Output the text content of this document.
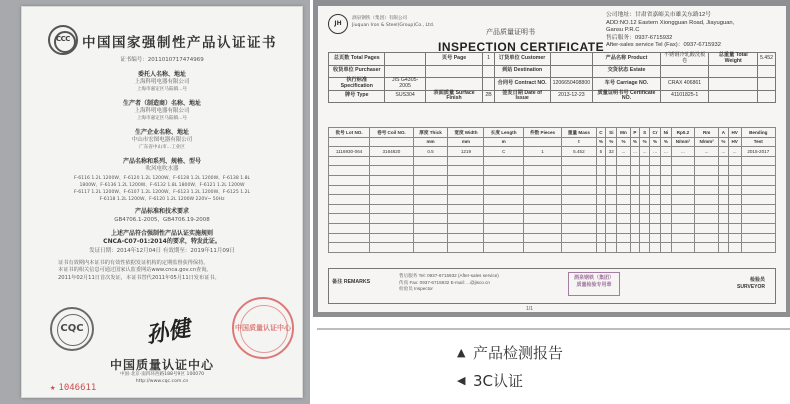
CCC 中国国家强制性产品认证证书
证书编号：2011010717474969
委托人名称、地址
上海科明电器有限公司
上海市嘉定区马陆镇...号
生产者（制造商）名称、地址
上海科明电器有限公司
上海市嘉定区马陆镇...号
生产企业名称、地址
中山市宏图电器有限公司
广东省中山市...工业区
产品名称和系列、规格、型号
吹风电吹水器
F-6116 1.2L 1200W、F-6120 1.2L 1200W、F-6128 1.2L 1200W、F-6138 1.8L
1800W、F-6136 1.2L 1200W、F-6132 1.8L 1800W、F-6121 1.2L 1200W
F-6117 1.2L 1200W、F-6107 1.2L 1200W、F-6123 1.2L 1200W、F-6125 1.2L
F-6118 1.2L 1200W、F-6120 1.2L 1200W 220V~ 50Hz
产品标准和技术要求
GB4706.1-2005，GB4706.19-2008
上述产品符合强制性产品认证实施规则
CNCA-C07-01:2014的要求，特发此证。
发证日期：2014年12月04日 有效期至：2019年11月09日
证书有效期内本证书的有效性依据发证机构的定期监督获得保持。
本证书的相关信息可通过国家认监委网站www.cnca.gov.cn查询。
2011年02月11日首次发证，本证书替代2011年05月11日发布证书。
CQC	孙健	中国质量认证中心
中国质量认证中心
中国·北京·南四环西路188号9区 100070
http://www.cqc.com.cn
★ 1046611
JH
酒泉钢铁（集团）有限公司
Jiuquan Iron & Steel(Group)Co., Ltd.
产品质量证明书
INSPECTION CERTIFICATE
公司地址：甘肃省嘉峪关市雄关东路12号
ADD:NO.12 Eastern Xiongguan Road, Jiayuguan,
Gansu P.R.C
售后服务：0937-6715932
After-sales service Tel (Fax)：0937-6715932
总页数 Total Pages		页号 Page	1	订货单位 Customer		产品名称 Product	不锈钢冷轧酸洗板卷	总重量 Total Weight	5.452
收货单位 Purchaser				到站 Destination		交货状态 Estate			
执行标准 Specification	JIS G4305-2005			合同号 Contract NO.	1206650408800	车号 Carriage NO.	CRAX 406861		
牌号 Type	SUS304	表面质量 Surface Finish	2B	签发日期 Date of Issue	2013-12-23	质量证明书号 Certificate NO.	41101825-1		
批号 Lot NO.	卷号 Coil NO.	厚度 Thick	宽度 Width	长度 Length	件数 Pieces	重量 Mass	C	Si	Mn	P	S	Cr	Ni	Rp0.2	Rm	A	HV	Bending
		mm	mm	m		t	%	%	%	%	%	%	%	N/mm²	N/mm²	%	HV	Test
1116930-064	3164820	0.5	1219	C	1	5.452	5	32	...	...	...	...	...	...	...	...	...	2015-2017

备注 REMARKS
售后服务 Tel: 0937-6715932 (After-sales service)
传真 Fax: 0937-6715932 E-mail: ...@jisco.cn
检验员 Inspector
检验员
SURVEYOR
酒泉钢铁（集团）
质量检验专用章
1/1
▲ 产品检测报告
◀ 3C认证
